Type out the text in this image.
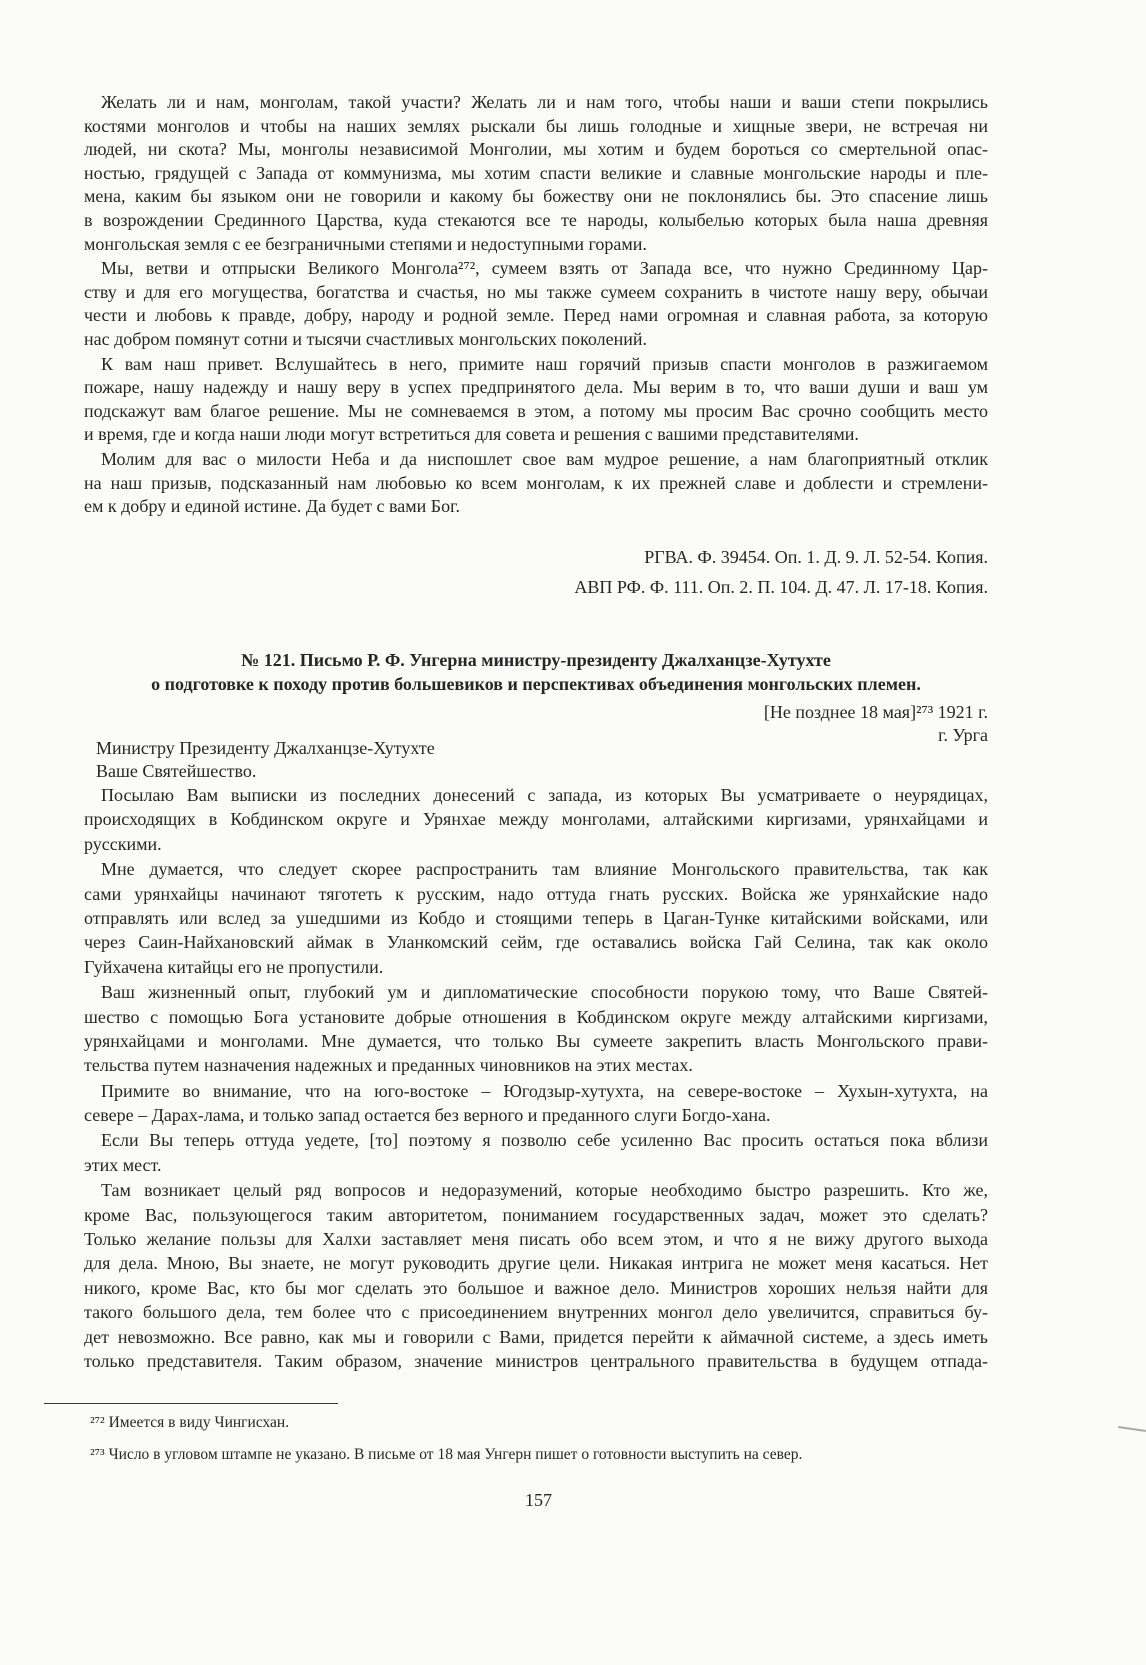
Желать ли и нам, монголам, такой участи? Желать ли и нам того, чтобы наши и ваши степи покрылись
костями монголов и чтобы на наших землях рыскали бы лишь голодные и хищные звери, не встречая ни
людей, ни скота? Мы, монголы независимой Монголии, мы хотим и будем бороться со смертельной опас-
ностью, грядущей с Запада от коммунизма, мы хотим спасти великие и славные монгольские народы и пле-
мена, каким бы языком они не говорили и какому бы божеству они не поклонялись бы. Это спасение лишь
в возрождении Срединного Царства, куда стекаются все те народы, колыбелью которых была наша древняя
монгольская земля с ее безграничными степями и недоступными горами.
Мы, ветви и отпрыски Великого Монгола²⁷², сумеем взять от Запада все, что нужно Срединному Цар-
ству и для его могущества, богатства и счастья, но мы также сумеем сохранить в чистоте нашу веру, обычаи
чести и любовь к правде, добру, народу и родной земле. Перед нами огромная и славная работа, за которую
нас добром помянут сотни и тысячи счастливых монгольских поколений.
К вам наш привет. Вслушайтесь в него, примите наш горячий призыв спасти монголов в разжигаемом
пожаре, нашу надежду и нашу веру в успех предпринятого дела. Мы верим в то, что ваши души и ваш ум
подскажут вам благое решение. Мы не сомневаемся в этом, а потому мы просим Вас срочно сообщить место
и время, где и когда наши люди могут встретиться для совета и решения с вашими представителями.
Молим для вас о милости Неба и да ниспошлет свое вам мудрое решение, а нам благоприятный отклик
на наш призыв, подсказанный нам любовью ко всем монголам, к их прежней славе и доблести и стремлени-
ем к добру и единой истине. Да будет с вами Бог.
РГВА. Ф. 39454. Оп. 1. Д. 9. Л. 52-54. Копия.
АВП РФ. Ф. 111. Оп. 2. П. 104. Д. 47. Л. 17-18. Копия.
№ 121. Письмо Р. Ф. Унгерна министру-президенту Джалханцзе-Хутухте
о подготовке к походу против большевиков и перспективах объединения монгольских племен.
[Не позднее 18 мая]²⁷³ 1921 г.
г. Урга
Министру Президенту Джалханцзе-Хутухте
Ваше Святейшество.
Посылаю Вам выписки из последних донесений с запада, из которых Вы усматриваете о неурядицах,
происходящих в Кобдинском округе и Урянхае между монголами, алтайскими киргизами, урянхайцами и
русскими.
Мне думается, что следует скорее распространить там влияние Монгольского правительства, так как
сами урянхайцы начинают тяготеть к русским, надо оттуда гнать русских. Войска же урянхайские надо
отправлять или вслед за ушедшими из Кобдо и стоящими теперь в Цаган-Тунке китайскими войсками, или
через Саин-Найхановский аймак в Уланкомский сейм, где оставались войска Гай Селина, так как около
Гуйхачена китайцы его не пропустили.
Ваш жизненный опыт, глубокий ум и дипломатические способности порукою тому, что Ваше Святей-
шество с помощью Бога установите добрые отношения в Кобдинском округе между алтайскими киргизами,
урянхайцами и монголами. Мне думается, что только Вы сумеете закрепить власть Монгольского прави-
тельства путем назначения надежных и преданных чиновников на этих местах.
Примите во внимание, что на юго-востоке – Югодзыр-хутухта, на севере-востоке – Хухын-хутухта, на
севере – Дарах-лама, и только запад остается без верного и преданного слуги Богдо-хана.
Если Вы теперь оттуда уедете, [то] поэтому я позволю себе усиленно Вас просить остаться пока вблизи
этих мест.
Там возникает целый ряд вопросов и недоразумений, которые необходимо быстро разрешить. Кто же,
кроме Вас, пользующегося таким авторитетом, пониманием государственных задач, может это сделать?
Только желание пользы для Халхи заставляет меня писать обо всем этом, и что я не вижу другого выхода
для дела. Мною, Вы знаете, не могут руководить другие цели. Никакая интрига не может меня касаться. Нет
никого, кроме Вас, кто бы мог сделать это большое и важное дело. Министров хороших нельзя найти для
такого большого дела, тем более что с присоединением внутренних монгол дело увеличится, справиться бу-
дет невозможно. Все равно, как мы и говорили с Вами, придется перейти к аймачной системе, а здесь иметь
только представителя. Таким образом, значение министров центрального правительства в будущем отпада-
²⁷² Имеется в виду Чингисхан.
²⁷³ Число в угловом штампе не указано. В письме от 18 мая Унгерн пишет о готовности выступить на север.
157
